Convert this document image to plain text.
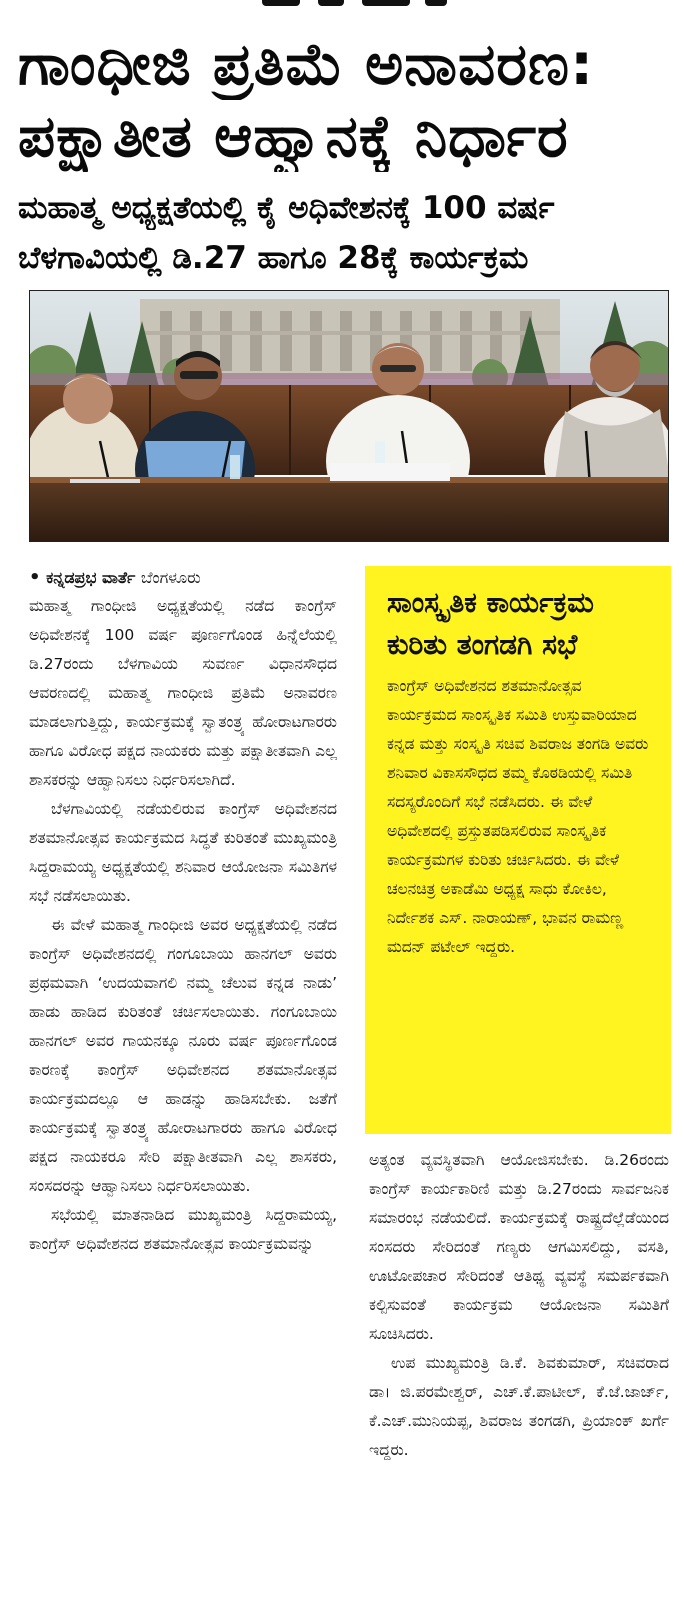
ಗಾಂಧೀಜಿ ಪ್ರತಿಮೆ ಅನಾವರಣ:
ಪಕ್ಷಾತೀತ ಆಹ್ವಾನಕ್ಕೆ ನಿರ್ಧಾರ
ಮಹಾತ್ಮ ಅಧ್ಯಕ್ಷತೆಯಲ್ಲಿ ಕೈ ಅಧಿವೇಶನಕ್ಕೆ 100 ವರ್ಷ
ಬೆಳಗಾವಿಯಲ್ಲಿ ಡಿ.27 ಹಾಗೂ 28ಕ್ಕೆ ಕಾರ್ಯಕ್ರಮ
• ಕನ್ನಡಪ್ರಭ ವಾರ್ತೆ ಬೆಂಗಳೂರು

ಮಹಾತ್ಮ ಗಾಂಧೀಜಿ ಅಧ್ಯಕ್ಷತೆಯಲ್ಲಿ ನಡೆದ ಕಾಂಗ್ರೆಸ್ ಅಧಿವೇಶನಕ್ಕೆ 100 ವರ್ಷ ಪೂರ್ಣಗೊಂಡ ಹಿನ್ನೆಲೆಯಲ್ಲಿ ಡಿ.27ರಂದು ಬೆಳಗಾವಿಯ ಸುವರ್ಣ ವಿಧಾನಸೌಧದ ಆವರಣದಲ್ಲಿ ಮಹಾತ್ಮ ಗಾಂಧೀಜಿ ಪ್ರತಿಮೆ ಅನಾವರಣ ಮಾಡಲಾಗುತ್ತಿದ್ದು, ಕಾರ್ಯಕ್ರಮಕ್ಕೆ ಸ್ವಾತಂತ್ರ್ಯ ಹೋರಾಟಗಾರರು ಹಾಗೂ ವಿರೋಧ ಪಕ್ಷದ ನಾಯಕರು ಮತ್ತು ಪಕ್ಷಾತೀತವಾಗಿ ಎಲ್ಲ ಶಾಸಕರನ್ನು ಆಹ್ವಾನಿಸಲು ನಿರ್ಧರಿಸಲಾಗಿದೆ.

ಬೆಳಗಾವಿಯಲ್ಲಿ ನಡೆಯಲಿರುವ ಕಾಂಗ್ರೆಸ್ ಅಧಿವೇಶನದ ಶತಮಾನೋತ್ಸವ ಕಾರ್ಯಕ್ರಮದ ಸಿದ್ಧತೆ ಕುರಿತಂತೆ ಮುಖ್ಯಮಂತ್ರಿ ಸಿದ್ದರಾಮಯ್ಯ ಅಧ್ಯಕ್ಷತೆಯಲ್ಲಿ ಶನಿವಾರ ಆಯೋಜನಾ ಸಮಿತಿಗಳ ಸಭೆ ನಡೆಸಲಾಯಿತು.

ಈ ವೇಳೆ ಮಹಾತ್ಮ ಗಾಂಧೀಜಿ ಅವರ ಅಧ್ಯಕ್ಷತೆಯಲ್ಲಿ ನಡೆದ ಕಾಂಗ್ರೆಸ್ ಅಧಿವೇಶನದಲ್ಲಿ ಗಂಗೂಬಾಯಿ ಹಾನಗಲ್ ಅವರು ಪ್ರಥಮವಾಗಿ ‘ಉದಯವಾಗಲಿ ನಮ್ಮ ಚೆಲುವ ಕನ್ನಡ ನಾಡು’ ಹಾಡು ಹಾಡಿದ ಕುರಿತಂತೆ ಚರ್ಚಿಸಲಾಯಿತು. ಗಂಗೂಬಾಯಿ ಹಾನಗಲ್ ಅವರ ಗಾಯನಕ್ಕೂ ನೂರು ವರ್ಷ ಪೂರ್ಣಗೊಂಡ ಕಾರಣಕ್ಕೆ ಕಾಂಗ್ರೆಸ್ ಅಧಿವೇಶನದ ಶತಮಾನೋತ್ಸವ ಕಾರ್ಯಕ್ರಮದಲ್ಲೂ ಆ ಹಾಡನ್ನು ಹಾಡಿಸಬೇಕು. ಜತೆಗೆ ಕಾರ್ಯಕ್ರಮಕ್ಕೆ ಸ್ವಾತಂತ್ರ್ಯ ಹೋರಾಟಗಾರರು ಹಾಗೂ ವಿರೋಧ ಪಕ್ಷದ ನಾಯಕರೂ ಸೇರಿ ಪಕ್ಷಾತೀತವಾಗಿ ಎಲ್ಲ ಶಾಸಕರು, ಸಂಸದರನ್ನು ಆಹ್ವಾನಿಸಲು ನಿರ್ಧರಿಸಲಾಯಿತು.

ಸಭೆಯಲ್ಲಿ ಮಾತನಾಡಿದ ಮುಖ್ಯಮಂತ್ರಿ ಸಿದ್ದರಾಮಯ್ಯ, ಕಾಂಗ್ರೆಸ್ ಅಧಿವೇಶನದ ಶತಮಾನೋತ್ಸವ ಕಾರ್ಯಕ್ರಮವನ್ನು

ಸಾಂಸ್ಕೃತಿಕ ಕಾರ್ಯಕ್ರಮ
ಕುರಿತು ತಂಗಡಗಿ ಸಭೆ

ಕಾಂಗ್ರೆಸ್ ಅಧಿವೇಶನದ ಶತಮಾನೋತ್ಸವ ಕಾರ್ಯಕ್ರಮದ ಸಾಂಸ್ಕೃತಿಕ ಸಮಿತಿ ಉಸ್ತುವಾರಿಯಾದ ಕನ್ನಡ ಮತ್ತು ಸಂಸ್ಕೃತಿ ಸಚಿವ ಶಿವರಾಜ ತಂಗಡಿ ಅವರು ಶನಿವಾರ ವಿಕಾಸಸೌಧದ ತಮ್ಮ ಕೊಠಡಿಯಲ್ಲಿ ಸಮಿತಿ ಸದಸ್ಯರೊಂದಿಗೆ ಸಭೆ ನಡೆಸಿದರು. ಈ ವೇಳೆ ಅಧಿವೇಶದಲ್ಲಿ ಪ್ರಸ್ತುತಪಡಿಸಲಿರುವ ಸಾಂಸ್ಕೃತಿಕ ಕಾರ್ಯಕ್ರಮಗಳ ಕುರಿತು ಚರ್ಚಿಸಿದರು. ಈ ವೇಳೆ ಚಲನಚಿತ್ರ ಅಕಾಡೆಮಿ ಅಧ್ಯಕ್ಷ ಸಾಧು ಕೋಕಿಲ, ನಿರ್ದೇಶಕ ಎಸ್. ನಾರಾಯಣ್, ಭಾವನ ರಾಮಣ್ಣ ಮದನ್ ಪಟೇಲ್ ಇದ್ದರು.

ಅತ್ಯಂತ ವ್ಯವಸ್ಥಿತವಾಗಿ ಆಯೋಜಿಸಬೇಕು. ಡಿ.26ರಂದು ಕಾಂಗ್ರೆಸ್ ಕಾರ್ಯಕಾರಿಣಿ ಮತ್ತು ಡಿ.27ರಂದು ಸಾರ್ವಜನಿಕ ಸಮಾರಂಭ ನಡೆಯಲಿದೆ. ಕಾರ್ಯಕ್ರಮಕ್ಕೆ ರಾಷ್ಟ್ರದೆಲ್ಲೆಡೆಯಿಂದ ಸಂಸದರು ಸೇರಿದಂತೆ ಗಣ್ಯರು ಆಗಮಿಸಲಿದ್ದು, ವಸತಿ, ಊಟೋಪಚಾರ ಸೇರಿದಂತೆ ಆತಿಥ್ಯ ವ್ಯವಸ್ಥೆ ಸಮರ್ಪಕವಾಗಿ ಕಲ್ಪಿಸುವಂತೆ ಕಾರ್ಯಕ್ರಮ ಆಯೋಜನಾ ಸಮಿತಿಗೆ ಸೂಚಿಸಿದರು.

ಉಪ ಮುಖ್ಯಮಂತ್ರಿ ಡಿ.ಕೆ. ಶಿವಕುಮಾರ್, ಸಚಿವರಾದ ಡಾ। ಜಿ.ಪರಮೇಶ್ವರ್, ಎಚ್.ಕೆ.ಪಾಟೀಲ್, ಕೆ.ಜೆ.ಜಾರ್ಜ್, ಕೆ.ಎಚ್.ಮುನಿಯಪ್ಪ, ಶಿವರಾಜ ತಂಗಡಗಿ, ಪ್ರಿಯಾಂಕ್ ಖರ್ಗೆ ಇದ್ದರು.
